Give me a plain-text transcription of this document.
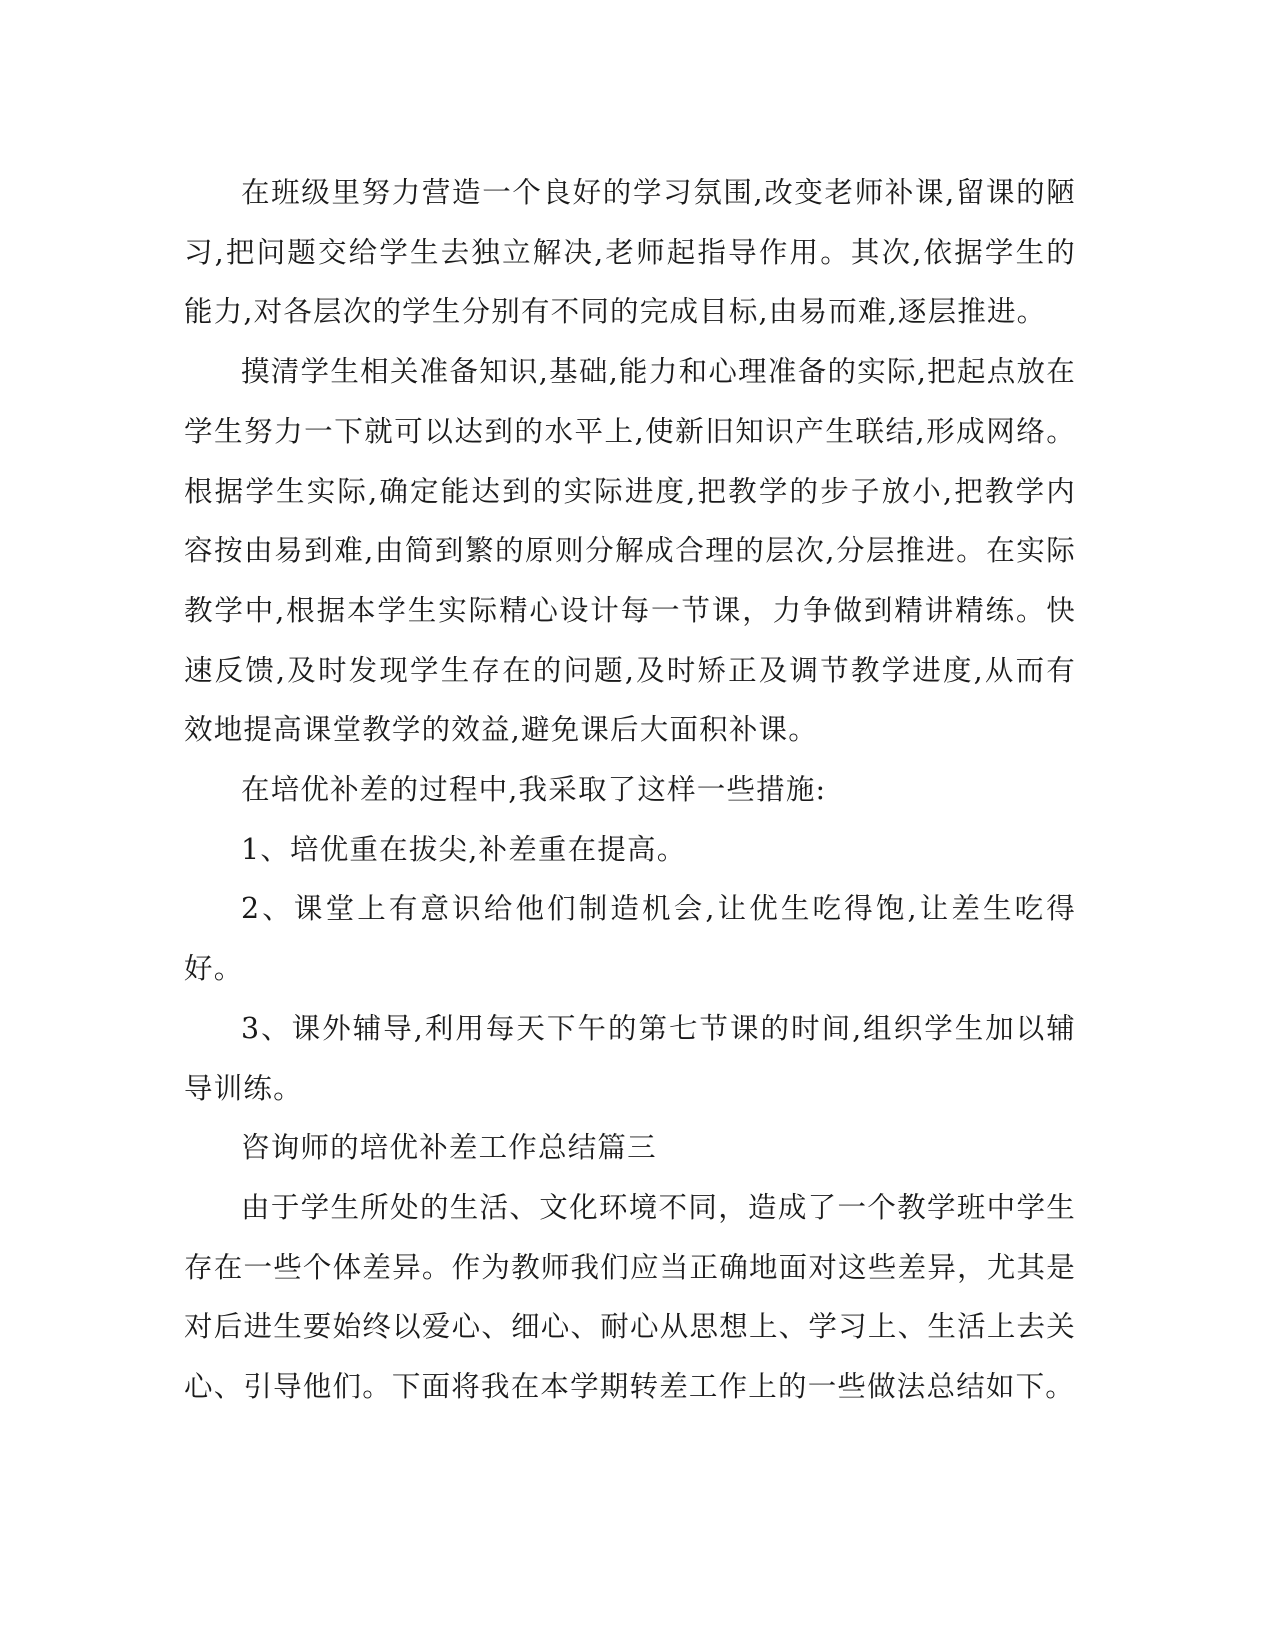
在班级里努力营造一个良好的学习氛围,改变老师补课,留课的陋习,把问题交给学生去独立解决,老师起指导作用。其次,依据学生的能力,对各层次的学生分别有不同的完成目标,由易而难,逐层推进。

摸清学生相关准备知识,基础,能力和心理准备的实际,把起点放在学生努力一下就可以达到的水平上,使新旧知识产生联结,形成网络。根据学生实际,确定能达到的实际进度,把教学的步子放小,把教学内容按由易到难,由简到繁的原则分解成合理的层次,分层推进。在实际教学中,根据本学生实际精心设计每一节课，力争做到精讲精练。快速反馈,及时发现学生存在的问题,及时矫正及调节教学进度,从而有效地提高课堂教学的效益,避免课后大面积补课。

在培优补差的过程中,我采取了这样一些措施:

1、培优重在拔尖,补差重在提高。

2、课堂上有意识给他们制造机会,让优生吃得饱,让差生吃得好。

3、课外辅导,利用每天下午的第七节课的时间,组织学生加以辅导训练。

咨询师的培优补差工作总结篇三

由于学生所处的生活、文化环境不同，造成了一个教学班中学生存在一些个体差异。作为教师我们应当正确地面对这些差异，尤其是对后进生要始终以爱心、细心、耐心从思想上、学习上、生活上去关心、引导他们。下面将我在本学期转差工作上的一些做法总结如下。
